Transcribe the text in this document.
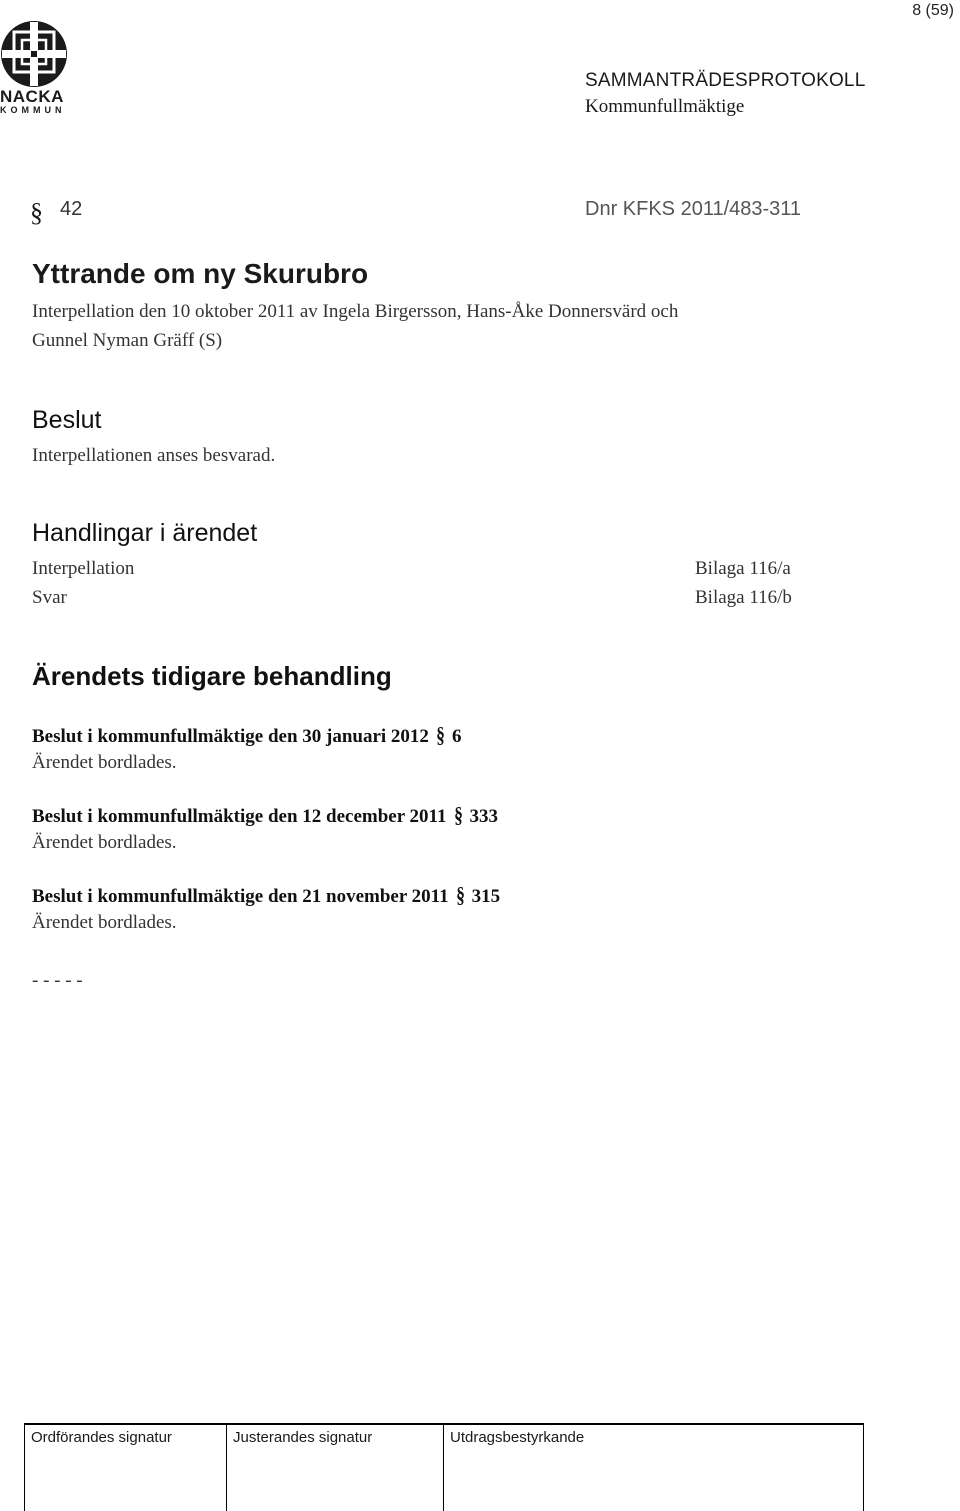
8 (59)
NACKA
KOMMUN
SAMMANTRÄDESPROTOKOLL
Kommunfullmäktige
§ 42	Dnr KFKS 2011/483-311
Yttrande om ny Skurubro
Interpellation den 10 oktober 2011 av Ingela Birgersson, Hans-Åke Donnersvärd och
Gunnel Nyman Gräff (S)
Beslut
Interpellationen anses besvarad.
Handlingar i ärendet
Interpellation	Bilaga 116/a
Svar	Bilaga 116/b
Ärendets tidigare behandling
Beslut i kommunfullmäktige den 30 januari 2012 § 6
Ärendet bordlades.
Beslut i kommunfullmäktige den 12 december 2011 § 333
Ärendet bordlades.
Beslut i kommunfullmäktige den 21 november 2011 § 315
Ärendet bordlades.
- - - - -
Ordförandes signatur	Justerandes signatur	Utdragsbestyrkande
